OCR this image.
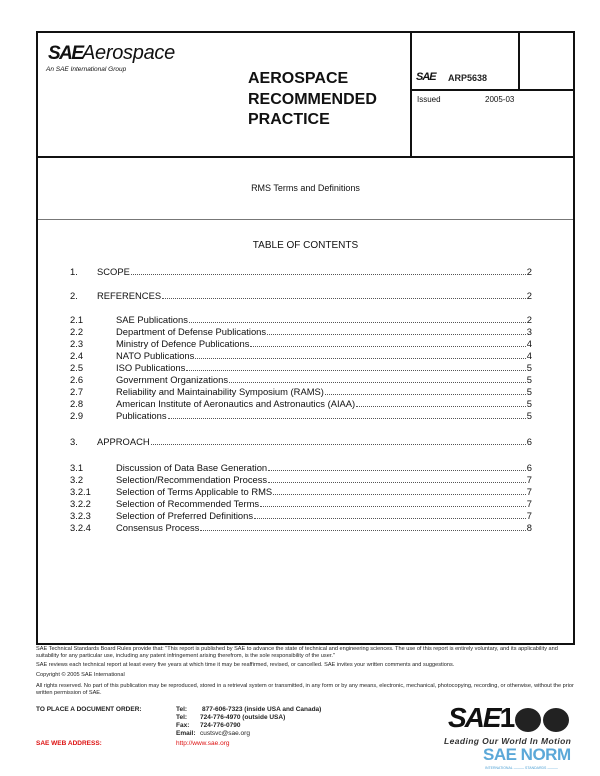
SAE Aerospace
An SAE International Group
AEROSPACE
RECOMMENDED
PRACTICE
SAE ARP5638
Issued	2005-03
RMS Terms and Definitions
TABLE OF CONTENTS
1.	SCOPE	2
2.	REFERENCES	2
2.1	SAE Publications	2
2.2	Department of Defense Publications	3
2.3	Ministry of Defence Publications	4
2.4	NATO Publications	4
2.5	ISO Publications	5
2.6	Government Organizations	5
2.7	Reliability and Maintainability Symposium (RAMS)	5
2.8	American Institute of Aeronautics and Astronautics (AIAA)	5
2.9	Publications	5
3.	APPROACH	6
3.1	Discussion of Data Base Generation	6
3.2	Selection/Recommendation Process	7
3.2.1	Selection of Terms Applicable to RMS	7
3.2.2	Selection of Recommended Terms	7
3.2.3	Selection of Preferred Definitions	7
3.2.4	Consensus Process	8
SAE Technical Standards Board Rules provide that: "This report is published by SAE to advance the state of technical and engineering sciences. The use of this report is entirely voluntary, and its applicability and suitability for any particular use, including any patent infringement arising therefrom, is the sole responsibility of the user."
SAE reviews each technical report at least every five years at which time it may be reaffirmed, revised, or cancelled. SAE invites your written comments and suggestions.
Copyright © 2005 SAE International
All rights reserved. No part of this publication may be reproduced, stored in a retrieval system or transmitted, in any form or by any means, electronic, mechanical, photocopying, recording, or otherwise, without the prior written permission of SAE.
TO PLACE A DOCUMENT ORDER:	Tel:	877-606-7323 (inside USA and Canada)
Tel: 724-776-4970 (outside USA)
Fax: 724-776-0790
Email: custsvc@sae.org
SAE WEB ADDRESS:	http://www.sae.org
SAE1
Leading Our World In Motion
SAE NORM
INTERNATIONAL ——— STANDARDS ———
